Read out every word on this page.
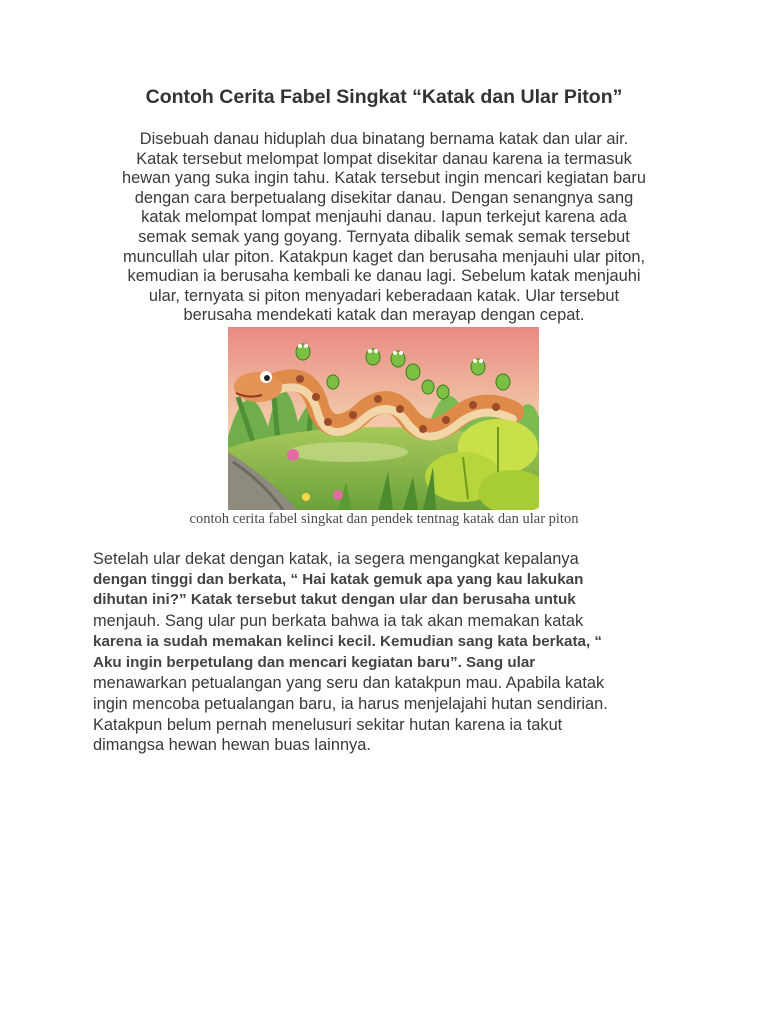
Contoh Cerita Fabel Singkat “Katak dan Ular Piton”
Disebuah danau hiduplah dua binatang bernama katak dan ular air.
Katak tersebut melompat lompat disekitar danau karena ia termasuk
hewan yang suka ingin tahu. Katak tersebut ingin mencari kegiatan baru
dengan cara berpetualang disekitar danau. Dengan senangnya sang
katak melompat lompat menjauhi danau. Iapun terkejut karena ada
semak semak yang goyang. Ternyata dibalik semak semak tersebut
muncullah ular piton. Katakpun kaget dan berusaha menjauhi ular piton,
kemudian ia berusaha kembali ke danau lagi. Sebelum katak menjauhi
ular, ternyata si piton menyadari keberadaan katak. Ular tersebut
berusaha mendekati katak dan merayap dengan cepat.

contoh cerita fabel singkat dan pendek tentnag katak dan ular piton

Setelah ular dekat dengan katak, ia segera mengangkat kepalanya
dengan tinggi dan berkata, “ Hai katak gemuk apa yang kau lakukan
dihutan ini?” Katak tersebut takut dengan ular dan berusaha untuk
menjauh. Sang ular pun berkata bahwa ia tak akan memakan katak
karena ia sudah memakan kelinci kecil. Kemudian sang kata berkata, “
Aku ingin berpetulang dan mencari kegiatan baru”. Sang ular
menawarkan petualangan yang seru dan katakpun mau. Apabila katak
ingin mencoba petualangan baru, ia harus menjelajahi hutan sendirian.
Katakpun belum pernah menelusuri sekitar hutan karena ia takut
dimangsa hewan hewan buas lainnya.
